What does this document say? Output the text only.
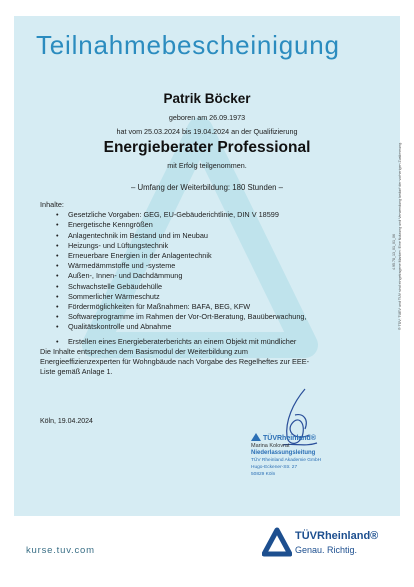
Teilnahmebescheinigung
Patrik Böcker
geboren am 26.09.1973
hat vom 25.03.2024 bis 19.04.2024 an der Qualifizierung
Energieberater Professional
mit Erfolg teilgenommen.
– Umfang der Weiterbildung: 180 Stunden –
Inhalte:
• Gesetzliche Vorgaben: GEG, EU-Gebäuderichtlinie, DIN V 18599
• Energetische Kenngrößen
• Anlagentechnik im Bestand und im Neubau
• Heizungs- und Lüftungstechnik
• Erneuerbare Energien in der Anlagentechnik
• Wärmedämmstoffe und -systeme
• Außen-, Innen- und Dachdämmung
• Schwachstelle Gebäudehülle
• Sommerlicher Wärmeschutz
• Fördermöglichkeiten für Maßnahmen: BAFA, BEG, KFW
• Softwareprogramme im Rahmen der Vor-Ort-Beratung, Bauüberwachung,
• Qualitätskontrolle und Abnahme
• Erstellen eines Energieberaterberichts an einem Objekt mit mündlicher
Die Inhalte entsprechen dem Basismodul der Weiterbildung zum
Energieeffizienzexperten für Wohngbäude nach Vorgabe des Regelheftes zur EEE-
Liste gemäß Anlage 1.
Köln, 19.04.2024
TÜVRheinland®
Marina Kolovrat
Niederlassungsleitung
TÜV Rheinland Akademie GmbH
Hugo-Eckener-Str. 27
50829 Köln
® TÜV, TUEV und TUV sind eingetragene Marken. Eine Nutzung und Verwendung bedarf der vorherigen Zustimmung.
4.95.78_13_01_01_06
kurse.tuv.com
TÜVRheinland®
Genau. Richtig.
